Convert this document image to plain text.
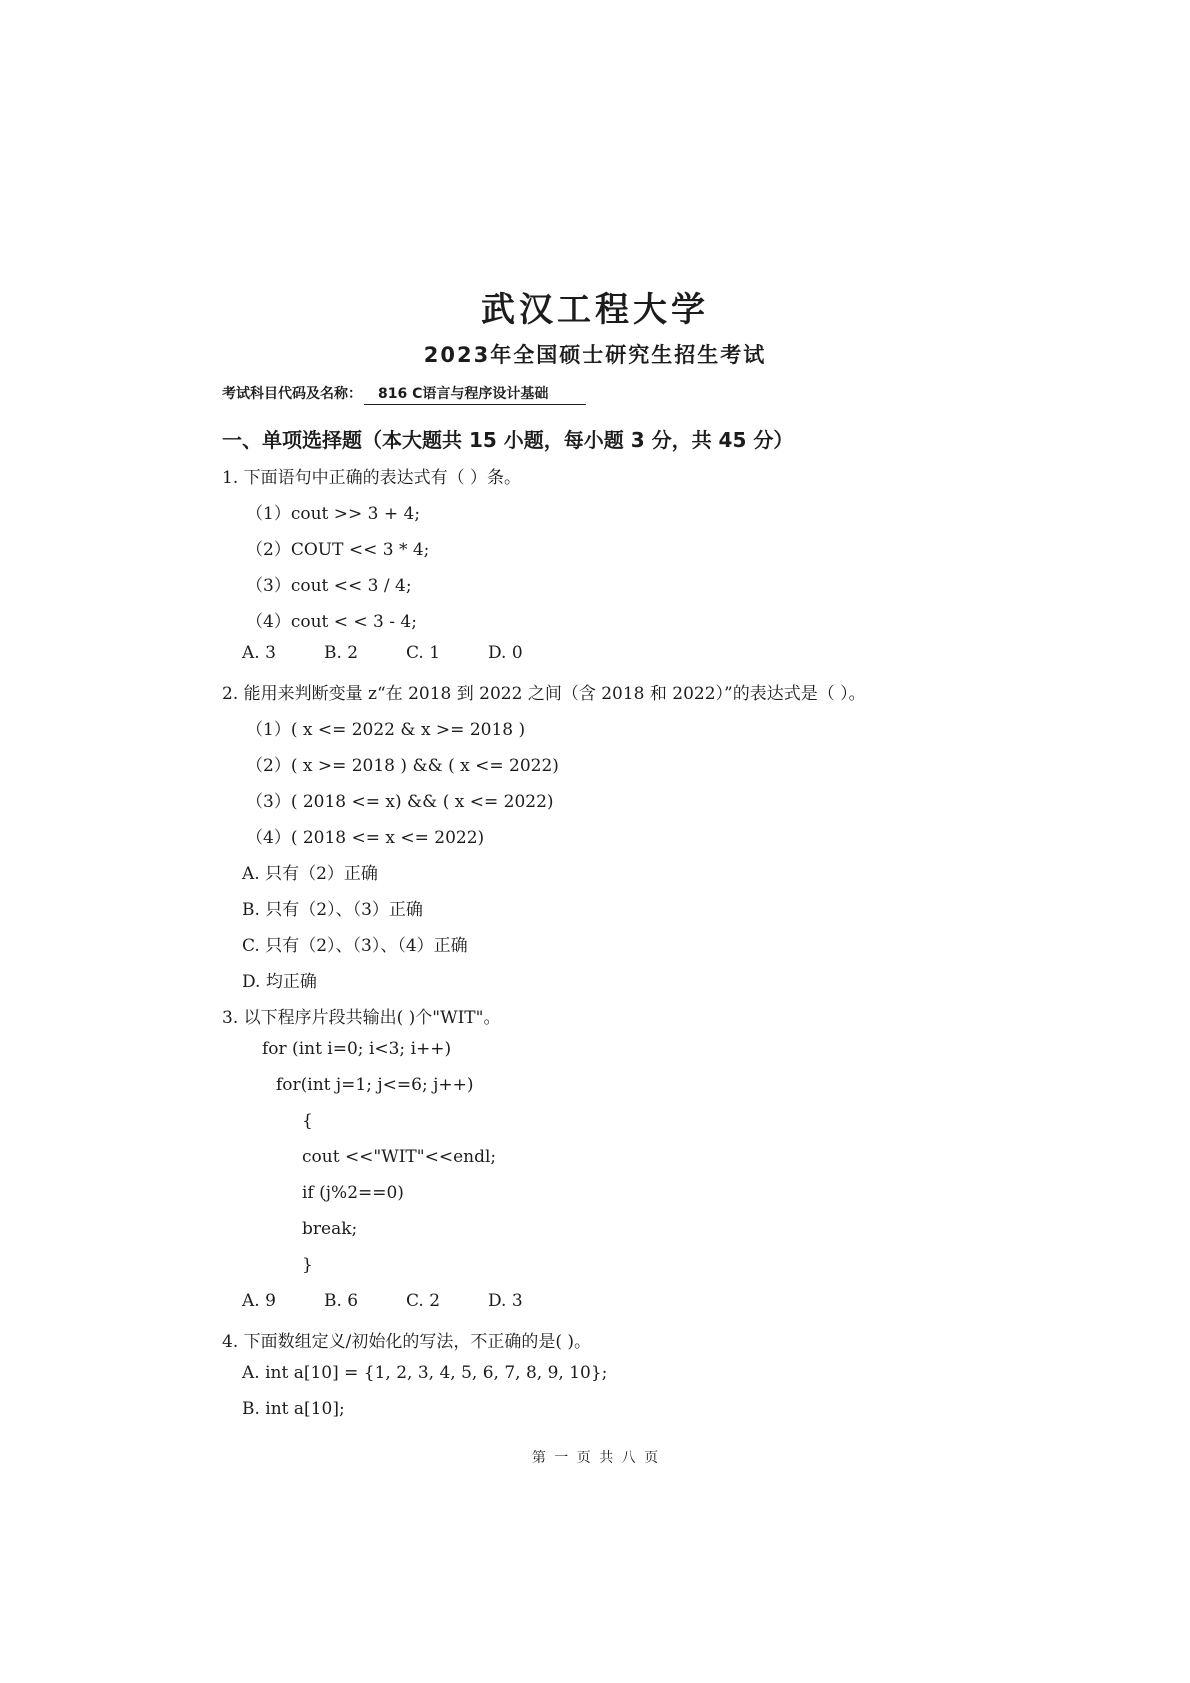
武汉工程大学
2023年全国硕士研究生招生考试
考试科目代码及名称： 816 C语言与程序设计基础
一、单项选择题（本大题共 15 小题，每小题 3 分，共 45 分）
1. 下面语句中正确的表达式有（ ）条。
（1）cout >> 3 + 4;
（2）COUT << 3 * 4;
（3）cout << 3 / 4;
（4）cout < < 3 - 4;
A. 3	B. 2	C. 1	D. 0
2. 能用来判断变量 z“在 2018 到 2022 之间（含 2018 和 2022）”的表达式是（ ）。
（1）( x <= 2022 & x >= 2018 )
（2）( x >= 2018 ) && ( x <= 2022)
（3）( 2018 <= x) && ( x <= 2022)
（4）( 2018 <= x <= 2022)
A. 只有（2）正确
B. 只有（2）、（3）正确
C. 只有（2）、（3）、（4）正确
D. 均正确
3. 以下程序片段共输出( )个"WIT"。
for (int i=0; i<3; i++)
for(int j=1; j<=6; j++)
{
cout <<"WIT"<<endl;
if (j%2==0)
break;
}
A. 9	B. 6	C. 2	D. 3
4. 下面数组定义/初始化的写法，不正确的是( )。
A. int a[10] = {1, 2, 3, 4, 5, 6, 7, 8, 9, 10};
B. int a[10];
第 一 页 共 八 页
